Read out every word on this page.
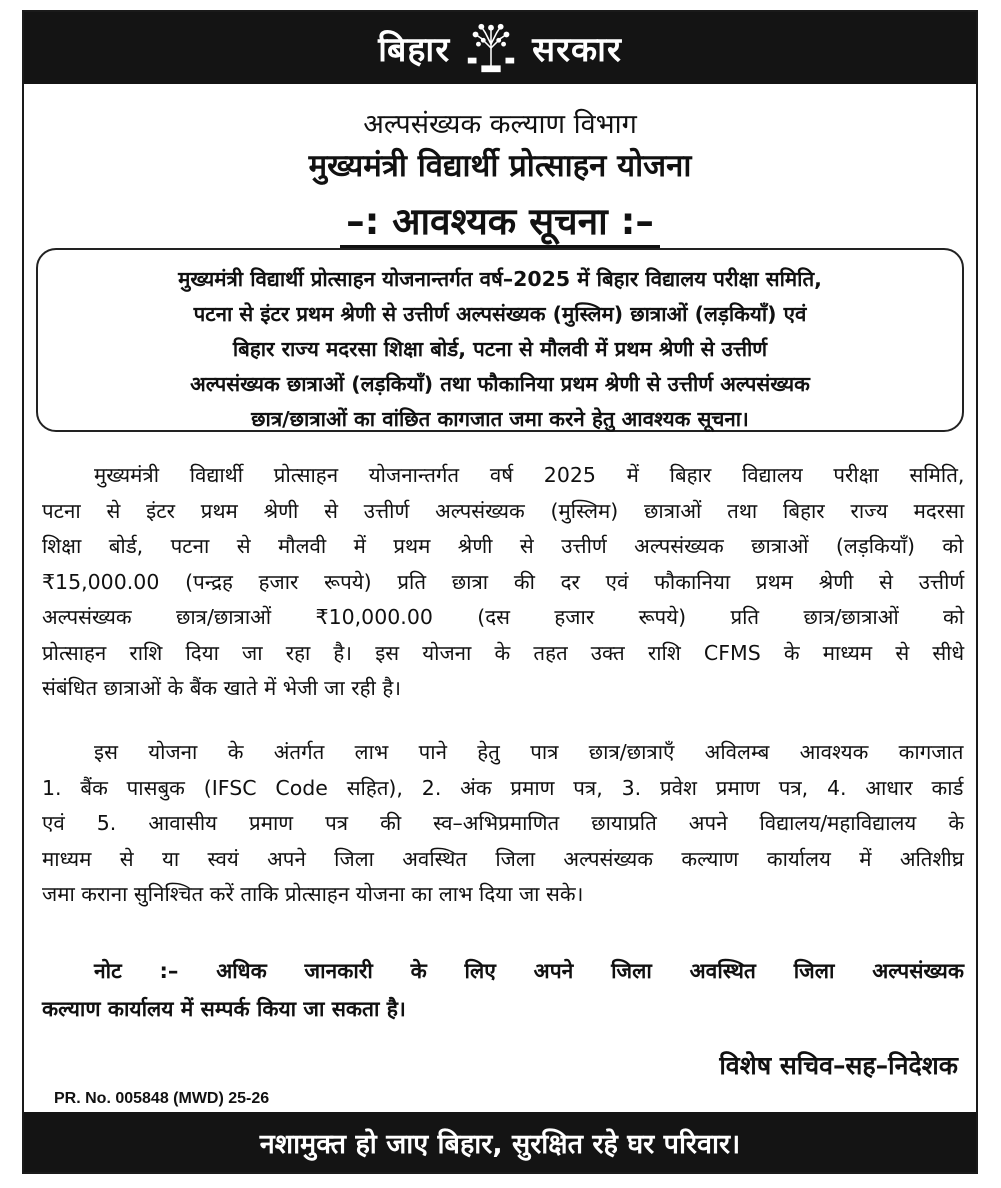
बिहार सरकार
अल्पसंख्यक कल्याण विभाग
मुख्यमंत्री विद्यार्थी प्रोत्साहन योजना
–: आवश्यक सूचना :–
मुख्यमंत्री विद्यार्थी प्रोत्साहन योजनान्तर्गत वर्ष–2025 में बिहार विद्यालय परीक्षा समिति,
पटना से इंटर प्रथम श्रेणी से उत्तीर्ण अल्पसंख्यक (मुस्लिम) छात्राओं (लड़कियाँ) एवं
बिहार राज्य मदरसा शिक्षा बोर्ड, पटना से मौलवी में प्रथम श्रेणी से उत्तीर्ण
अल्पसंख्यक छात्राओं (लड़कियाँ) तथा फौकानिया प्रथम श्रेणी से उत्तीर्ण अल्पसंख्यक
छात्र/छात्राओं का वांछित कागजात जमा करने हेतु आवश्यक सूचना।
मुख्यमंत्री विद्यार्थी प्रोत्साहन योजनान्तर्गत वर्ष 2025 में बिहार विद्यालय परीक्षा समिति,
पटना से इंटर प्रथम श्रेणी से उत्तीर्ण अल्पसंख्यक (मुस्लिम) छात्राओं तथा बिहार राज्य मदरसा
शिक्षा बोर्ड, पटना से मौलवी में प्रथम श्रेणी से उत्तीर्ण अल्पसंख्यक छात्राओं (लड़कियाँ) को
₹15,000.00 (पन्द्रह हजार रूपये) प्रति छात्रा की दर एवं फौकानिया प्रथम श्रेणी से उत्तीर्ण
अल्पसंख्यक छात्र/छात्राओं ₹10,000.00 (दस हजार रूपये) प्रति छात्र/छात्राओं को
प्रोत्साहन राशि दिया जा रहा है। इस योजना के तहत उक्त राशि CFMS के माध्यम से सीधे
संबंधित छात्राओं के बैंक खाते में भेजी जा रही है।
इस योजना के अंतर्गत लाभ पाने हेतु पात्र छात्र/छात्राएँ अविलम्ब आवश्यक कागजात
1. बैंक पासबुक (IFSC Code सहित), 2. अंक प्रमाण पत्र, 3. प्रवेश प्रमाण पत्र, 4. आधार कार्ड
एवं 5. आवासीय प्रमाण पत्र की स्व–अभिप्रमाणित छायाप्रति अपने विद्यालय/महाविद्यालय के
माध्यम से या स्वयं अपने जिला अवस्थित जिला अल्पसंख्यक कल्याण कार्यालय में अतिशीघ्र
जमा कराना सुनिश्चित करें ताकि प्रोत्साहन योजना का लाभ दिया जा सके।
नोट :– अधिक जानकारी के लिए अपने जिला अवस्थित जिला अल्पसंख्यक
कल्याण कार्यालय में सम्पर्क किया जा सकता है।
विशेष सचिव–सह–निदेशक
PR. No. 005848 (MWD) 25-26
नशामुक्त हो जाए बिहार, सुरक्षित रहे घर परिवार।
